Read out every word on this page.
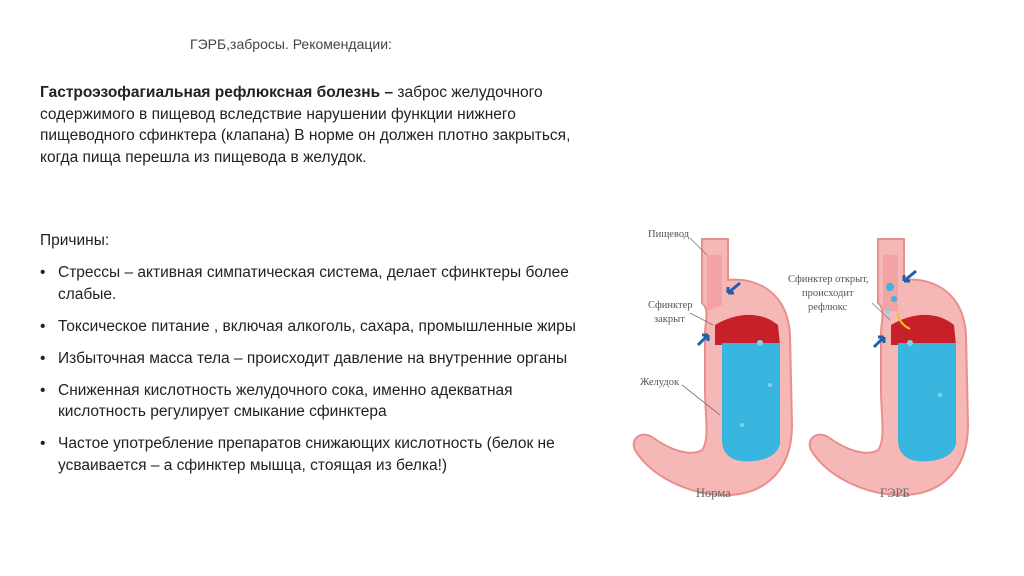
ГЭРБ,забросы. Рекомендации:
Гастроэзофагиальная рефлюксная болезнь – заброс желудочного содержимого в пищевод вследствие нарушении функции нижнего пищеводного сфинктера (клапана) В норме он должен плотно закрыться, когда пища перешла из пищевода в желудок.
Причины:
• Стрессы – активная симпатическая система, делает сфинктеры более слабые.
• Токсическое питание , включая алкоголь, сахара, промышленные жиры
• Избыточная масса тела – происходит давление на внутренние органы
• Сниженная кислотность желудочного сока, именно адекватная кислотность регулирует смыкание сфинктера
• Частое употребление препаратов снижающих кислотность (белок не усваивается – а сфинктер мышца, стоящая из белка!)
Пищевод
Сфинктер
закрыт
Желудок
Норма
Сфинктер открыт,
происходит
рефлюкс
ГЭРБ
